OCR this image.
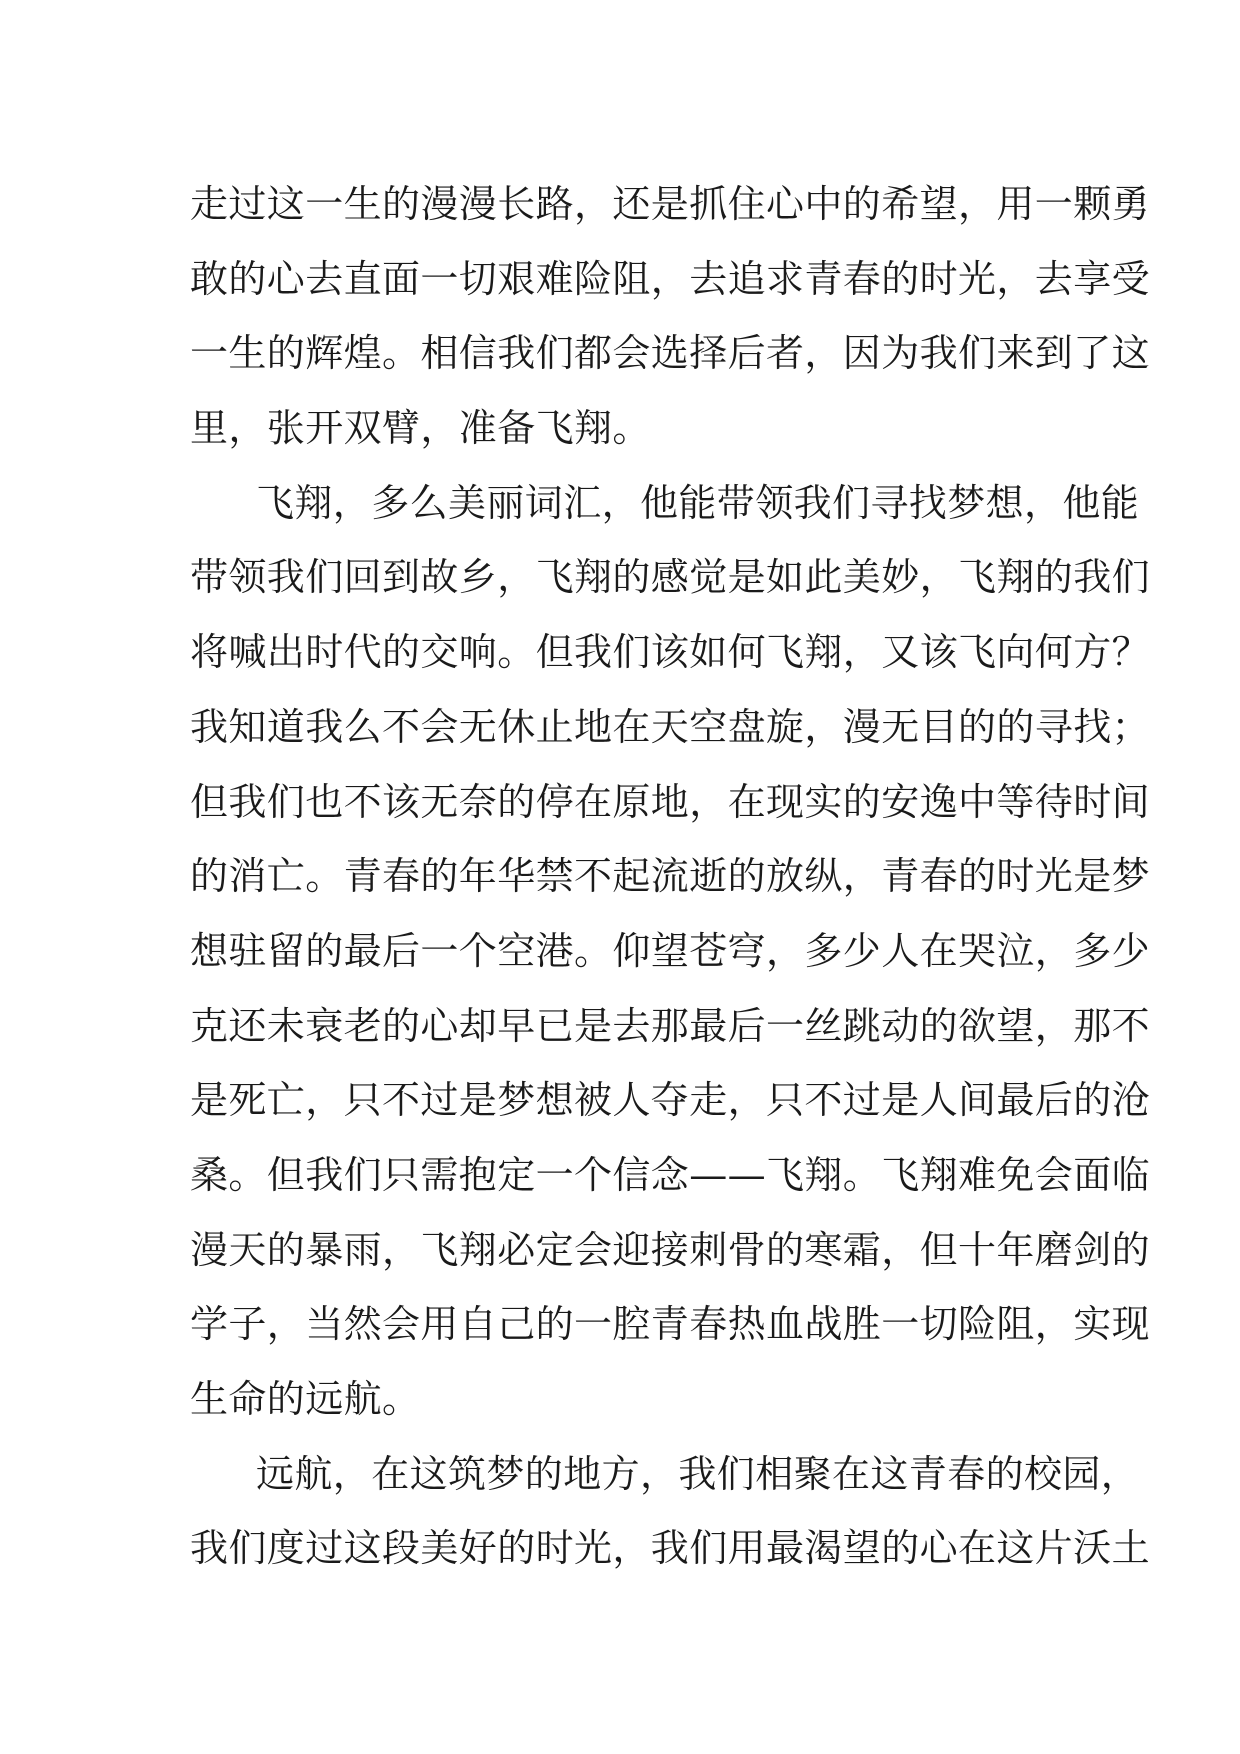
走过这一生的漫漫长路，还是抓住心中的希望，用一颗勇
敢的心去直面一切艰难险阻，去追求青春的时光，去享受
一生的辉煌。相信我们都会选择后者，因为我们来到了这
里，张开双臂，准备飞翔。
飞翔，多么美丽词汇，他能带领我们寻找梦想，他能
带领我们回到故乡，飞翔的感觉是如此美妙，飞翔的我们
将喊出时代的交响。但我们该如何飞翔，又该飞向何方？
我知道我么不会无休止地在天空盘旋，漫无目的的寻找；
但我们也不该无奈的停在原地，在现实的安逸中等待时间
的消亡。青春的年华禁不起流逝的放纵，青春的时光是梦
想驻留的最后一个空港。仰望苍穹，多少人在哭泣，多少
克还未衰老的心却早已是去那最后一丝跳动的欲望，那不
是死亡，只不过是梦想被人夺走，只不过是人间最后的沧
桑。但我们只需抱定一个信念——飞翔。飞翔难免会面临
漫天的暴雨，飞翔必定会迎接刺骨的寒霜，但十年磨剑的
学子，当然会用自己的一腔青春热血战胜一切险阻，实现
生命的远航。
远航，在这筑梦的地方，我们相聚在这青春的校园，
我们度过这段美好的时光，我们用最渴望的心在这片沃土
